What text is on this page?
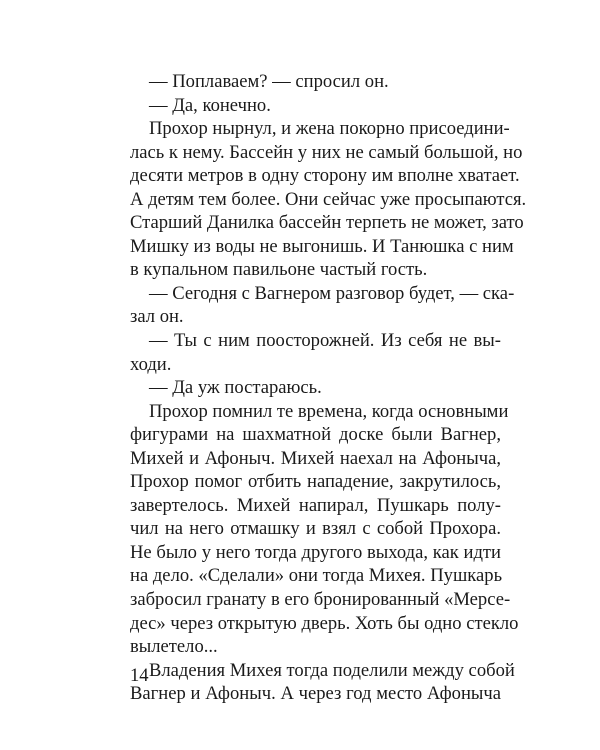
— Поплаваем? — спросил он.
— Да, конечно.
Прохор нырнул, и жена покорно присоедини-
лась к нему. Бассейн у них не самый большой, но
десяти метров в одну сторону им вполне хватает.
А детям тем более. Они сейчас уже просыпаются.
Старший Данилка бассейн терпеть не может, зато
Мишку из воды не выгонишь. И Танюшка с ним
в купальном павильоне частый гость.
— Сегодня с Вагнером разговор будет, — ска-
зал он.
— Ты с ним поосторожней. Из себя не вы-
ходи.
— Да уж постараюсь.
Прохор помнил те времена, когда основными
фигурами на шахматной доске были Вагнер,
Михей и Афоныч. Михей наехал на Афоныча,
Прохор помог отбить нападение, закрутилось,
завертелось. Михей напирал, Пушкарь полу-
чил на него отмашку и взял с собой Прохора.
Не было у него тогда другого выхода, как идти
на дело. «Сделали» они тогда Михея. Пушкарь
забросил гранату в его бронированный «Мерсе-
дес» через открытую дверь. Хоть бы одно стекло
вылетело...
Владения Михея тогда поделили между собой
Вагнер и Афоныч. А через год место Афоныча
14
